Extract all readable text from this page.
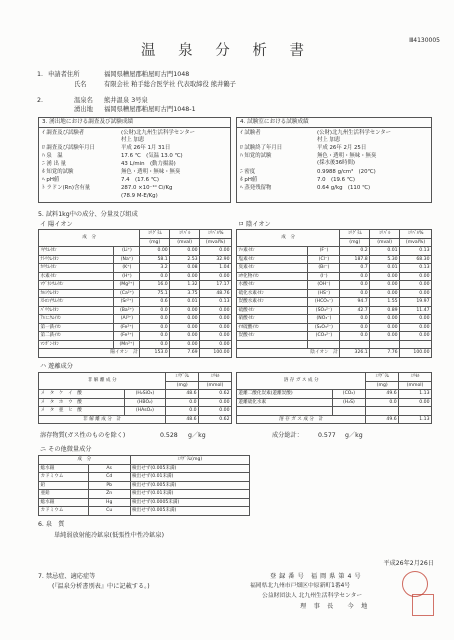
Ⅲ4130005
温 泉 分 析 書
1. 申請者住所	福岡県糟屋郡粕屋町古門1048
氏名	有限会社 粕手総合医学社 代表取締役 熊井鶴子
2.	温泉名 熊井温泉 3号泉
湧出地 福岡県糟屋郡粕屋町古門1048-1
3. 湧出地における調査及び試験成績
ｲ 調査及び試験者	(公財)北九州生活科学センター
村上 加恵
ﾛ 調査及び試験年月日	平成 26年 1月 31日
ﾊ 泉　温	17.6 ℃　(気温 13.0 ℃)
ﾆ 湧 出 量	43 L/min　(動力揚湯)
ﾎ 知覚的試験	無色・透明・無味・無臭
ﾍ pH値	7.4　(17.6 ℃)
ﾄ ラドン(Rn)含有量	287.0 ×10⁻¹⁰ Ci/Kg
(78.9 M-E/Kg)
4. 試験室における試験成績
ｲ 試験者	(公財)北九州生活科学センター
村上 加恵
ﾛ 試験終了年月日	平成 26年 2月 25日
ﾊ 知覚的試験	無色・透明・無味・無臭
(採水後36時間)
ﾆ 密度	0.9988 g/cm³　(20℃)
ﾎ pH値	7.0　(19.6 ℃)
ﾍ 蒸発残留物	0.64 g/kg　(110 ℃)
5. 試料1kg中の成分、分量及び組成
イ 陽イオン	ロ 陰イオン
成　分		ﾐﾘｸﾞﾗﾑ	ﾐﾘﾊﾞﾙ	ﾐﾘﾊﾞﾙ%
		(mg)	(mval)	(mval%)
ﾘﾁｳﾑｲｵﾝ	(Li⁺)	0.00	0.00	0.00
ﾅﾄﾘｳﾑｲｵﾝ	(Na⁺)	58.1	2.53	32.90
ｶﾘｳﾑｲｵﾝ	(K⁺)	3.2	0.08	1.04
水素ｲｵﾝ	(H⁺)	0.0	0.00	0.00
ﾏｸﾞﾈｼｳﾑｲｵﾝ	(Mg²⁺)	16.0	1.32	17.17
ｶﾙｼｳﾑｲｵﾝ	(Ca²⁺)	75.1	3.75	48.76
ｽﾄﾛﾝﾁｳﾑｲｵﾝ	(Sr²⁺)	0.6	0.01	0.13
ﾊﾞﾘｳﾑｲｵﾝ	(Ba²⁺)	0.0	0.00	0.00
ｱﾙﾐﾆｳﾑｲｵﾝ	(Al³⁺)	0.0	0.00	0.00
第一鉄ｲｵﾝ	(Fe²⁺)	0.0	0.00	0.00
第二鉄ｲｵﾝ	(Fe³⁺)	0.0	0.00	0.00
ﾏﾝｶﾞﾝｲｵﾝ	(Mn²⁺)	0.0	0.00	0.00
陽イオン　計		153.0	7.69	100.00
成　分		ﾐﾘｸﾞﾗﾑ	ﾐﾘﾊﾞﾙ	ﾐﾘﾊﾞﾙ%
		(mg)	(mval)	(mval%)
ﾌｯ素ｲｵﾝ	(F⁻)	0.2	0.01	0.13
塩素ｲｵﾝ	(Cl⁻)	187.8	5.30	68.30
臭素ｲｵﾝ	(Br⁻)	0.7	0.01	0.13
ﾖｳ化物ｲｵﾝ	(I⁻)	0.0	0.00	0.00
水酸ｲｵﾝ	(OH⁻)	0.0	0.00	0.00
硫化水素ｲｵﾝ	(HS⁻)	0.0	0.00	0.00
炭酸水素ｲｵﾝ	(HCO₃⁻)	94.7	1.55	19.97
硫酸ｲｵﾝ	(SO₄²⁻)	42.7	0.89	11.47
硝酸ｲｵﾝ	(NO₃⁻)	0.0	0.00	0.00
ﾁｵ硫酸ｲｵﾝ	(S₂O₃²⁻)	0.0	0.00	0.00
炭酸ｲｵﾝ	(CO₃²⁻)	0.0	0.00	0.00

陰イオン　計		326.1	7.76	100.00
ハ 遊離成分
非 解 離 成 分		ﾐﾘｸﾞﾗﾑ	ﾐﾘﾓﾙ
		(mg)	(mmol)
メ　タ　ケ　イ　酸	(H₂SiO₃)	48.6	0.62
メ　タ　ホ　ウ　酸	(HBO₂)	0.0	0.00
メ　タ　亜　ヒ　酸	(HAsO₂)	0.0	0.00
非 解 離 成 分　計		48.6	0.62
溶 存 ガ ス 成 分		ﾐﾘｸﾞﾗﾑ	ﾐﾘﾓﾙ
		(mg)	(mmol)
遊離二酸化炭素(遊離炭酸)	(CO₂)	49.6	1.13
遊離硫化水素	(H₂S)	0.0	0.00

溶 存 ガ ス 成 分　計		49.6	1.13
溶存物質(ガス性のものを除く)	0.528 g／kg	成分総計： 0.577 g／kg
ニ その他微量成分
成　分		ﾐﾘｸﾞﾗﾑ(mg)
総水銀	As	検出せず(0.005未満)
カドミウム	Cd	検出せず(0.01未満)
鉛	Pb	検出せず(0.005未満)
亜鉛	Zn	検出せず(0.01未満)
総水銀	Hg	検出せず(0.0005未満)
カドミウム	Cu	検出せず(0.005未満)
6. 泉　質
単純弱放射能冷鉱泉(低張性中性冷鉱泉)
平成26年2月26日
7. 禁忌症、適応症等
(『温泉分析書別表』中に記載する。)
登 録 番 号　福 岡 県 第 4 号
福岡県北九州市戸畑区中原新町1番4号
公益財団法人 北九州生活科学センター
理　事　長　　今　地
